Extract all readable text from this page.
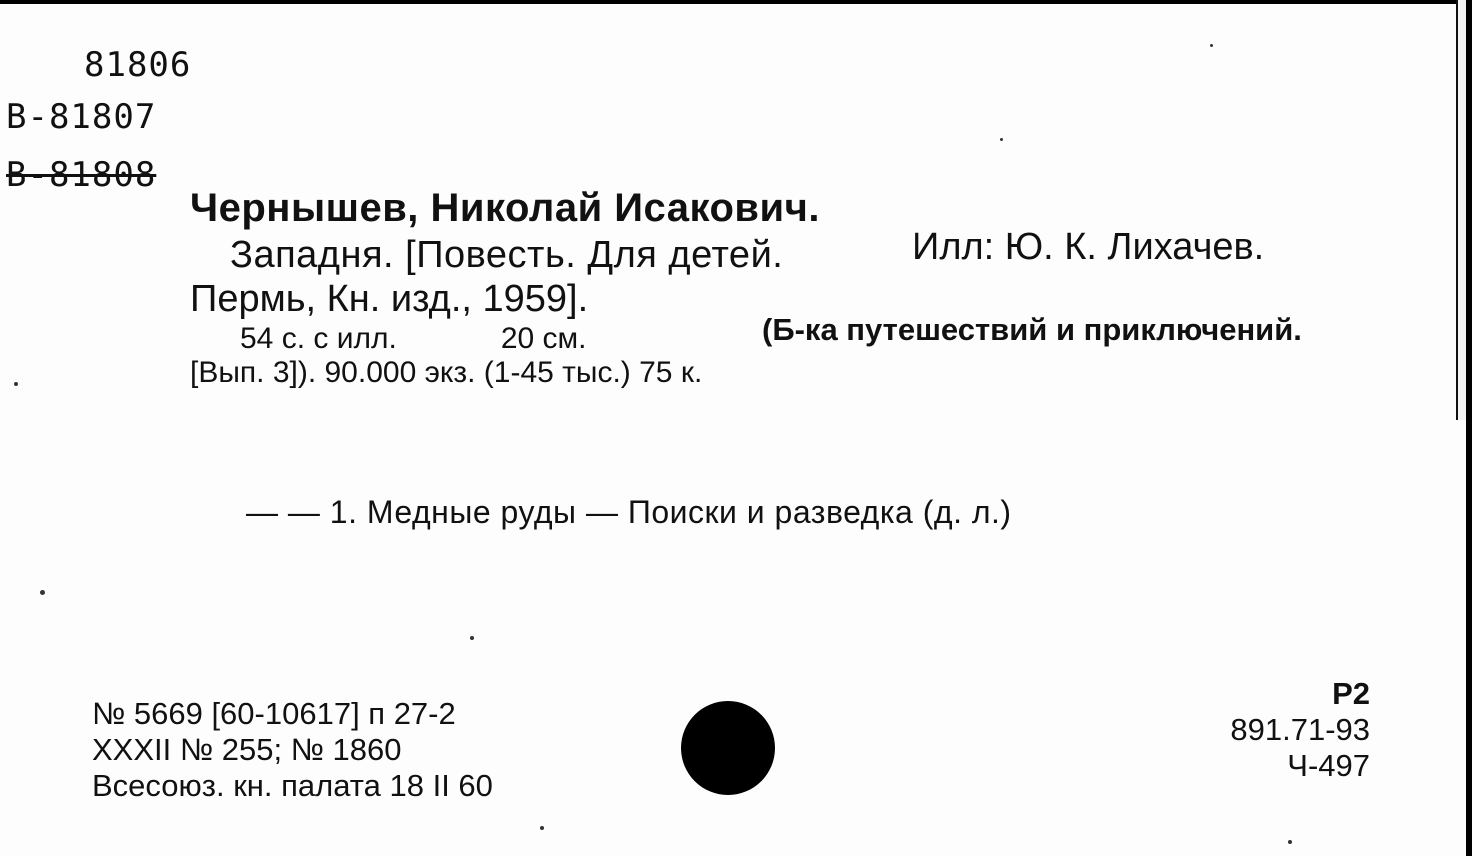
81806
В-81807
В-81808
Чернышев, Николай Исакович.
Западня. [Повесть. Для детей.	Илл: Ю. К. Лихачев.
Пермь, Кн. изд., 1959].
54 с. с илл.	20 см.	(Б-ка путешествий и приключений.
[Вып. 3]). 90.000 экз. (1-45 тыс.) 75 к.
— — 1. Медные руды — Поиски и разведка (д. л.)
№ 5669 [60-10617] п 27-2
XXXII № 255; № 1860
Всесоюз. кн. палата 18 II 60
Р2
891.71-93
Ч-497
